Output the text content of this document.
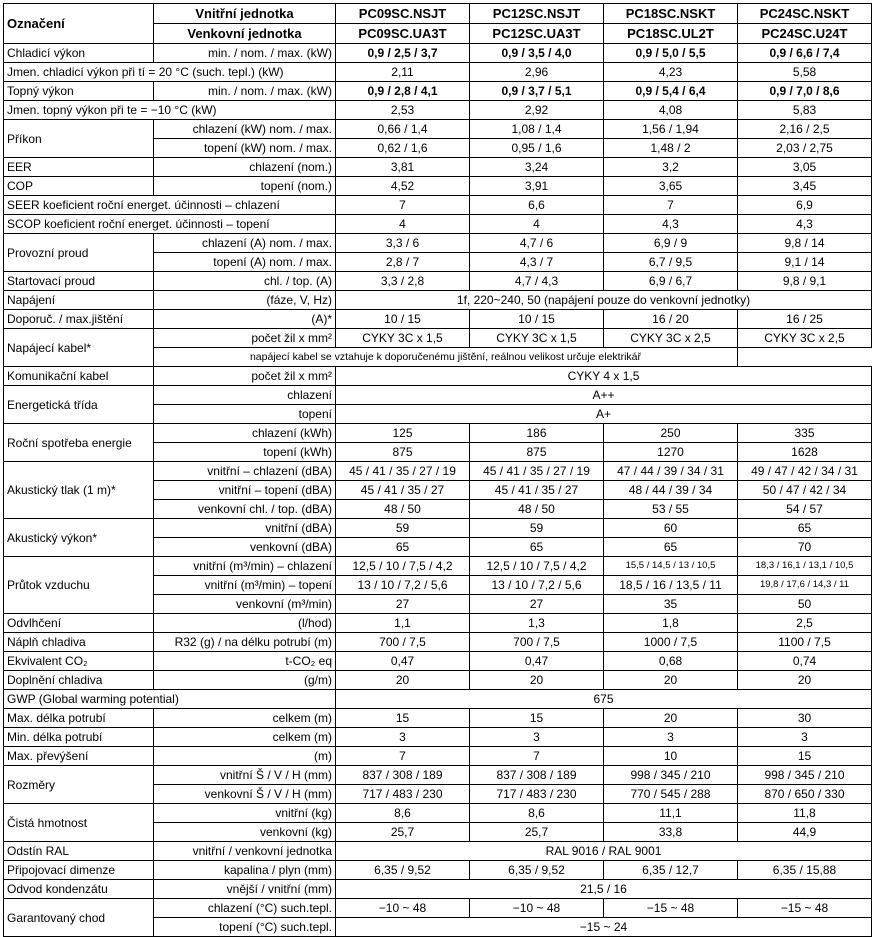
Označení	Vnitřní jednotka	PC09SC.NSJT	PC12SC.NSJT	PC18SC.NSKT	PC24SC.NSKT
	Venkovní jednotka	PC09SC.UA3T	PC12SC.UA3T	PC18SC.UL2T	PC24SC.U24T
Chladicí výkon	min. / nom. / max. (kW)	0,9 / 2,5 / 3,7	0,9 / 3,5 / 4,0	0,9 / 5,0 / 5,5	0,9 / 6,6 / 7,4
Jmen. chladicí výkon při tí = 20 °C (such. tepl.) (kW)		2,11	2,96	4,23	5,58
Topný výkon	min. / nom. / max. (kW)	0,9 / 2,8 / 4,1	0,9 / 3,7 / 5,1	0,9 / 5,4 / 6,4	0,9 / 7,0 / 8,6
Jmen. topný výkon při te = −10 °C (kW)		2,53	2,92	4,08	5,83
Příkon	chlazení (kW) nom. / max.	0,66 / 1,4	1,08 / 1,4	1,56 / 1,94	2,16 / 2,5
	topení (kW) nom. / max.	0,62 / 1,6	0,95 / 1,6	1,48 / 2	2,03 / 2,75
EER	chlazení (nom.)	3,81	3,24	3,2	3,05
COP	topení (nom.)	4,52	3,91	3,65	3,45
SEER koeficient roční energet. účinnosti – chlazení		7	6,6	7	6,9
SCOP koeficient roční energet. účinnosti – topení		4	4	4,3	4,3
Provozní proud	chlazení (A) nom. / max.	3,3 / 6	4,7 / 6	6,9 / 9	9,8 / 14
	topení (A) nom. / max.	2,8 / 7	4,3 / 7	6,7 / 9,5	9,1 / 14
Startovací proud	chl. / top. (A)	3,3 / 2,8	4,7 / 4,3	6,9 / 6,7	9,8 / 9,1
Napájení	(fáze, V, Hz)	1f, 220~240, 50 (napájení pouze do venkovní jednotky)			
Doporuč. / max.jištění	(A)*	10 / 15	10 / 15	16 / 20	16 / 25
Napájecí kabel*	počet žil x mm²	CYKY 3C x 1,5	CYKY 3C x 1,5	CYKY 3C x 2,5	CYKY 3C x 2,5
	napájecí kabel se vztahuje k doporučenému jištění, reálnou velikost určuje elektrikář				
Komunikační kabel	počet žil x mm²	CYKY 4 x 1,5			
Energetická třída	chlazení	A++			
	topení	A+			
Roční spotřeba energie	chlazení (kWh)	125	186	250	335
	topení (kWh)	875	875	1270	1628
Akustický tlak (1 m)*	vnitřní – chlazení (dBA)	45 / 41 / 35 / 27 / 19	45 / 41 / 35 / 27 / 19	47 / 44 / 39 / 34 / 31	49 / 47 / 42 / 34 / 31
	vnitřní – topení (dBA)	45 / 41 / 35 / 27	45 / 41 / 35 / 27	48 / 44 / 39 / 34	50 / 47 / 42 / 34
	venkovní chl. / top. (dBA)	48 / 50	48 / 50	53 / 55	54 / 57
Akustický výkon*	vnitřní (dBA)	59	59	60	65
	venkovní (dBA)	65	65	65	70
Průtok vzduchu	vnitřní (m³/min) – chlazení	12,5 / 10 / 7,5 / 4,2	12,5 / 10 / 7,5 / 4,2	15,5 / 14,5 / 13 / 10,5	18,3 / 16,1 / 13,1 / 10,5
	vnitřní (m³/min) – topení	13 / 10 / 7,2 / 5,6	13 / 10 / 7,2 / 5,6	18,5 / 16 / 13,5 / 11	19,8 / 17,6 / 14,3 / 11
	venkovní (m³/min)	27	27	35	50
Odvlhčení	(l/hod)	1,1	1,3	1,8	2,5
Náplň chladiva	R32 (g) / na délku potrubí (m)	700 / 7,5	700 / 7,5	1000 / 7,5	1100 / 7,5
Ekvivalent CO₂	t-CO₂ eq	0,47	0,47	0,68	0,74
Doplnění chladiva	(g/m)	20	20	20	20
GWP (Global warming potential)		675			
Max. délka potrubí	celkem (m)	15	15	20	30
Min. délka potrubí	celkem (m)	3	3	3	3
Max. převýšení	(m)	7	7	10	15
Rozměry	vnitřní Š / V / H (mm)	837 / 308 / 189	837 / 308 / 189	998 / 345 / 210	998 / 345 / 210
	venkovní Š / V / H (mm)	717 / 483 / 230	717 / 483 / 230	770 / 545 / 288	870 / 650 / 330
Čistá hmotnost	vnitřní (kg)	8,6	8,6	11,1	11,8
	venkovní (kg)	25,7	25,7	33,8	44,9
Odstín RAL	vnitřní / venkovní jednotka	RAL 9016 / RAL 9001			
Připojovací dimenze	kapalina / plyn (mm)	6,35 / 9,52	6,35 / 9,52	6,35 / 12,7	6,35 / 15,88
Odvod kondenzátu	vnější / vnitřní (mm)	21,5 / 16			
Garantovaný chod	chlazení (°C) such.tepl.	−10 ~ 48	−10 ~ 48	−15 ~ 48	−15 ~ 48
	topení (°C) such.tepl.	−15 ~ 24			
